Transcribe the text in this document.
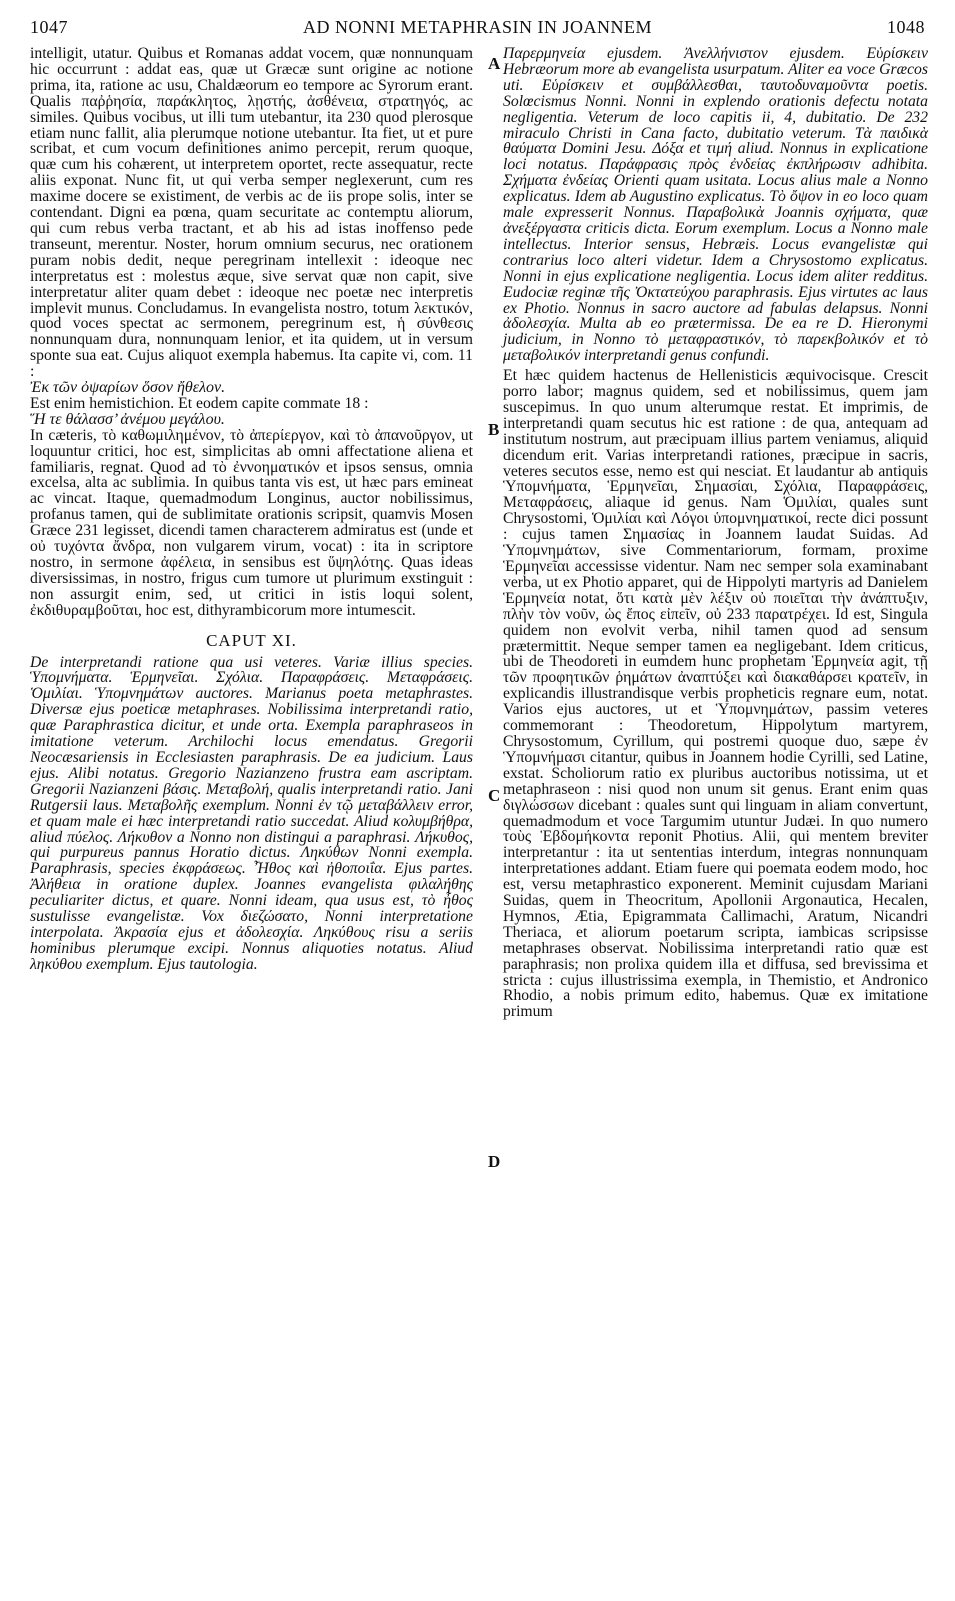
1047	AD NONNI METAPHRASIN IN JOANNEM	1048
A
B
C
D

intelligit, utatur. Quibus et Romanas addat vocem, quæ nonnunquam hic occurrunt : addat eas, quæ ut Græcæ sunt origine ac notione prima, ita, ratione ac usu, Chaldæorum eo tempore ac Syrorum erant. Qualis παῤῥησία, παράκλητος, λῃστής, ἀσθένεια, στρατηγός, ac similes. Quibus vocibus, ut illi tum utebantur, ita 230 quod plerosque etiam nunc fallit, alia plerumque notione utebantur. Ita fiet, ut et pure scribat, et cum vocum definitiones animo percepit, rerum quoque, quæ cum his cohærent, ut interpretem oportet, recte assequatur, recte aliis exponat. Nunc fit, ut qui verba semper neglexerunt, cum res maxime docere se existiment, de verbis ac de iis prope solis, inter se contendant. Digni ea pœna, quam securitate ac contemptu aliorum, qui cum rebus verba tractant, et ab his ad istas inoffenso pede transeunt, merentur. Noster, horum omnium securus, nec orationem puram nobis dedit, neque peregrinam intellexit : ideoque nec interpretatus est : molestus æque, sive servat quæ non capit, sive interpretatur aliter quam debet : ideoque nec poetæ nec interpretis implevit munus. Concludamus. In evangelista nostro, totum λεκτικόν, quod voces spectat ac sermonem, peregrinum est, ἡ σύνθεσις nonnunquam dura, nonnunquam lenior, et ita quidem, ut in versum sponte sua eat. Cujus aliquot exempla habemus. Ita capite vi, com. 11 :

Ἐκ τῶν ὀψαρίων ὅσον ἤθελον.

Est enim hemistichion. Et eodem capite commate 18 :

Ἥ τε θάλασσ’ ἀνέμου μεγάλου.

In cæteris, τὸ καθωμιλημένον, τὸ ἀπερίεργον, καὶ τὸ ἀπανοῦργον, ut loquuntur critici, hoc est, simplicitas ab omni affectatione aliena et familiaris, regnat. Quod ad τὸ ἐννοηματικόν et ipsos sensus, omnia excelsa, alta ac sublimia. In quibus tanta vis est, ut hæc pars emineat ac vincat. Itaque, quemadmodum Longinus, auctor nobilissimus, profanus tamen, qui de sublimitate orationis scripsit, quamvis Mosen Græce 231 legisset, dicendi tamen characterem admiratus est (unde et οὐ τυχόντα ἄνδρα, non vulgarem virum, vocat) : ita in scriptore nostro, in sermone ἀφέλεια, in sensibus est ὕψηλότης. Quas ideas diversissimas, in nostro, frigus cum tumore ut plurimum exstinguit : non assurgit enim, sed, ut critici in istis loqui solent, ἐκδιθυραμβοῦται, hoc est, dithyrambicorum more intumescit.

CAPUT XI.

De interpretandi ratione qua usi veteres. Variæ illius species. Ὑπομνήματα. Ἑρμηνεῖαι. Σχόλια. Παραφράσεις. Μεταφράσεις. Ὁμιλίαι. Ὑπομνημάτων auctores. Marianus poeta metaphrastes. Diversæ ejus poeticæ metaphrases. Nobilissima interpretandi ratio, quæ Paraphrastica dicitur, et unde orta. Exempla paraphraseos in imitatione veterum. Archilochi locus emendatus. Gregorii Neocæsariensis in Ecclesiasten paraphrasis. De ea judicium. Laus ejus. Alibi notatus. Gregorio Nazianzeno frustra eam ascriptam. Gregorii Nazianzeni βάσις. Μεταβολή, qualis interpretandi ratio. Jani Rutgersii laus. Μεταβολῆς exemplum. Nonni ἐν τῷ μεταβάλλειν error, et quam male ei hæc interpretandi ratio succedat. Aliud κολυμβήθρα, aliud πύελος. Λήκυθον a Nonno non distingui a paraphrasi. Λήκυθος, qui purpureus pannus Horatio dictus. Ληκύθων Nonni exempla. Paraphrasis, species ἐκφράσεως. Ἦθος καὶ ἠθοποιΐα. Ejus partes. Ἀλήθεια in oratione duplex. Joannes evangelista φιλαλήθης peculiariter dictus, et quare. Nonni ideam, qua usus est, τὸ ἦθος sustulisse evangelistæ. Vox διεζώσατο, Nonni interpretatione interpolata. Ἀκρασία ejus et ἀδολεσχία. Ληκύθους risu a seriis hominibus plerumque excipi. Nonnus aliquoties notatus. Aliud ληκύθου exemplum. Ejus tautologia.

Παρερμηνεία ejusdem. Ἀνελλήνιστον ejusdem. Εὑρίσκειν Hebræorum more ab evangelista usurpatum. Aliter ea voce Græcos uti. Εὑρίσκειν et συμβάλλεσθαι, ταυτοδυναμοῦντα poetis. Solœcismus Nonni. Nonni in explendo orationis defectu notata negligentia. Veterum de loco capitis ii, 4, dubitatio. De 232 miraculo Christi in Cana facto, dubitatio veterum. Τὰ παιδικὰ θαύματα Domini Jesu. Δόξα et τιμή aliud. Nonnus in explicatione loci notatus. Παράφρασις πρὸς ἐνδείας ἐκπλήρωσιν adhibita. Σχήματα ἐνδείας Orienti quam usitata. Locus alius male a Nonno explicatus. Idem ab Augustino explicatus. Τὸ ὄψον in eo loco quam male expresserit Nonnus. Παραβολικὰ Joannis σχήματα, quæ ἀνεξέργαστα criticis dicta. Eorum exemplum. Locus a Nonno male intellectus. Interior sensus, Hebræis. Locus evangelistæ qui contrarius loco alteri videtur. Idem a Chrysostomo explicatus. Nonni in ejus explicatione negligentia. Locus idem aliter redditus. Eudociæ reginæ τῆς Ὀκτατεύχου paraphrasis. Ejus virtutes ac laus ex Photio. Nonnus in sacro auctore ad fabulas delapsus. Nonni ἀδολεσχία. Multa ab eo prætermissa. De ea re D. Hieronymi judicium, in Nonno τὸ μεταφραστικόν, τὸ παρεκβολικόν et τὸ μεταβολικόν interpretandi genus confundi.

Et hæc quidem hactenus de Hellenisticis æquivocisque. Crescit porro labor; magnus quidem, sed et nobilissimus, quem jam suscepimus. In quo unum alterumque restat. Et imprimis, de interpretandi quam secutus hic est ratione : de qua, antequam ad institutum nostrum, aut præcipuam illius partem veniamus, aliquid dicendum erit. Varias interpretandi rationes, præcipue in sacris, veteres secutos esse, nemo est qui nesciat. Et laudantur ab antiquis Ὑπομνήματα, Ἑρμηνεῖαι, Σημασίαι, Σχόλια, Παραφράσεις, Μεταφράσεις, aliaque id genus. Nam Ὁμιλίαι, quales sunt Chrysostomi, Ὁμιλίαι καὶ Λόγοι ὑπομνηματικοί, recte dici possunt : cujus tamen Σημασίας in Joannem laudat Suidas. Ad Ὑπομνημάτων, sive Commentariorum, formam, proxime Ἑρμηνεῖαι accessisse videntur. Nam nec semper sola examinabant verba, ut ex Photio apparet, qui de Hippolyti martyris ad Danielem Ἑρμηνεία notat, ὅτι κατὰ μὲν λέξιν οὐ ποιεῖται τὴν ἀνάπτυξιν, πλὴν τὸν νοῦν, ὡς ἔπος εἰπεῖν, οὐ 233 παρατρέχει. Id est, Singula quidem non evolvit verba, nihil tamen quod ad sensum prætermittit. Neque semper tamen ea negligebant. Idem criticus, ubi de Theodoreti in eumdem hunc prophetam Ἑρμηνεία agit, τῇ τῶν προφητικῶν ῥημάτων ἀναπτύξει καὶ διακαθάρσει κρατεῖν, in explicandis illustrandisque verbis propheticis regnare eum, notat. Varios ejus auctores, ut et Ὑπομνημάτων, passim veteres commemorant : Theodoretum, Hippolytum martyrem, Chrysostomum, Cyrillum, qui postremi quoque duo, sæpe ἐν Ὑπομνήμασι citantur, quibus in Joannem hodie Cyrilli, sed Latine, exstat. Scholiorum ratio ex pluribus auctoribus notissima, ut et metaphraseon : nisi quod non unum sit genus. Erant enim quas διγλώσσων dicebant : quales sunt qui linguam in aliam convertunt, quemadmodum et voce Targumim utuntur Judæi. In quo numero τοὺς Ἑβδομήκοντα reponit Photius. Alii, qui mentem breviter interpretantur : ita ut sententias interdum, integras nonnunquam interpretationes addant. Etiam fuere qui poemata eodem modo, hoc est, versu metaphrastico exponerent. Meminit cujusdam Mariani Suidas, quem in Theocritum, Apollonii Argonautica, Hecalen, Hymnos, Ætia, Epigrammata Callimachi, Aratum, Nicandri Theriaca, et aliorum poetarum scripta, iambicas scripsisse metaphrases observat. Nobilissima interpretandi ratio quæ est paraphrasis; non prolixa quidem illa et diffusa, sed brevissima et stricta : cujus illustrissima exempla, in Themistio, et Andronico Rhodio, a nobis primum edito, habemus. Quæ ex imitatione primum
